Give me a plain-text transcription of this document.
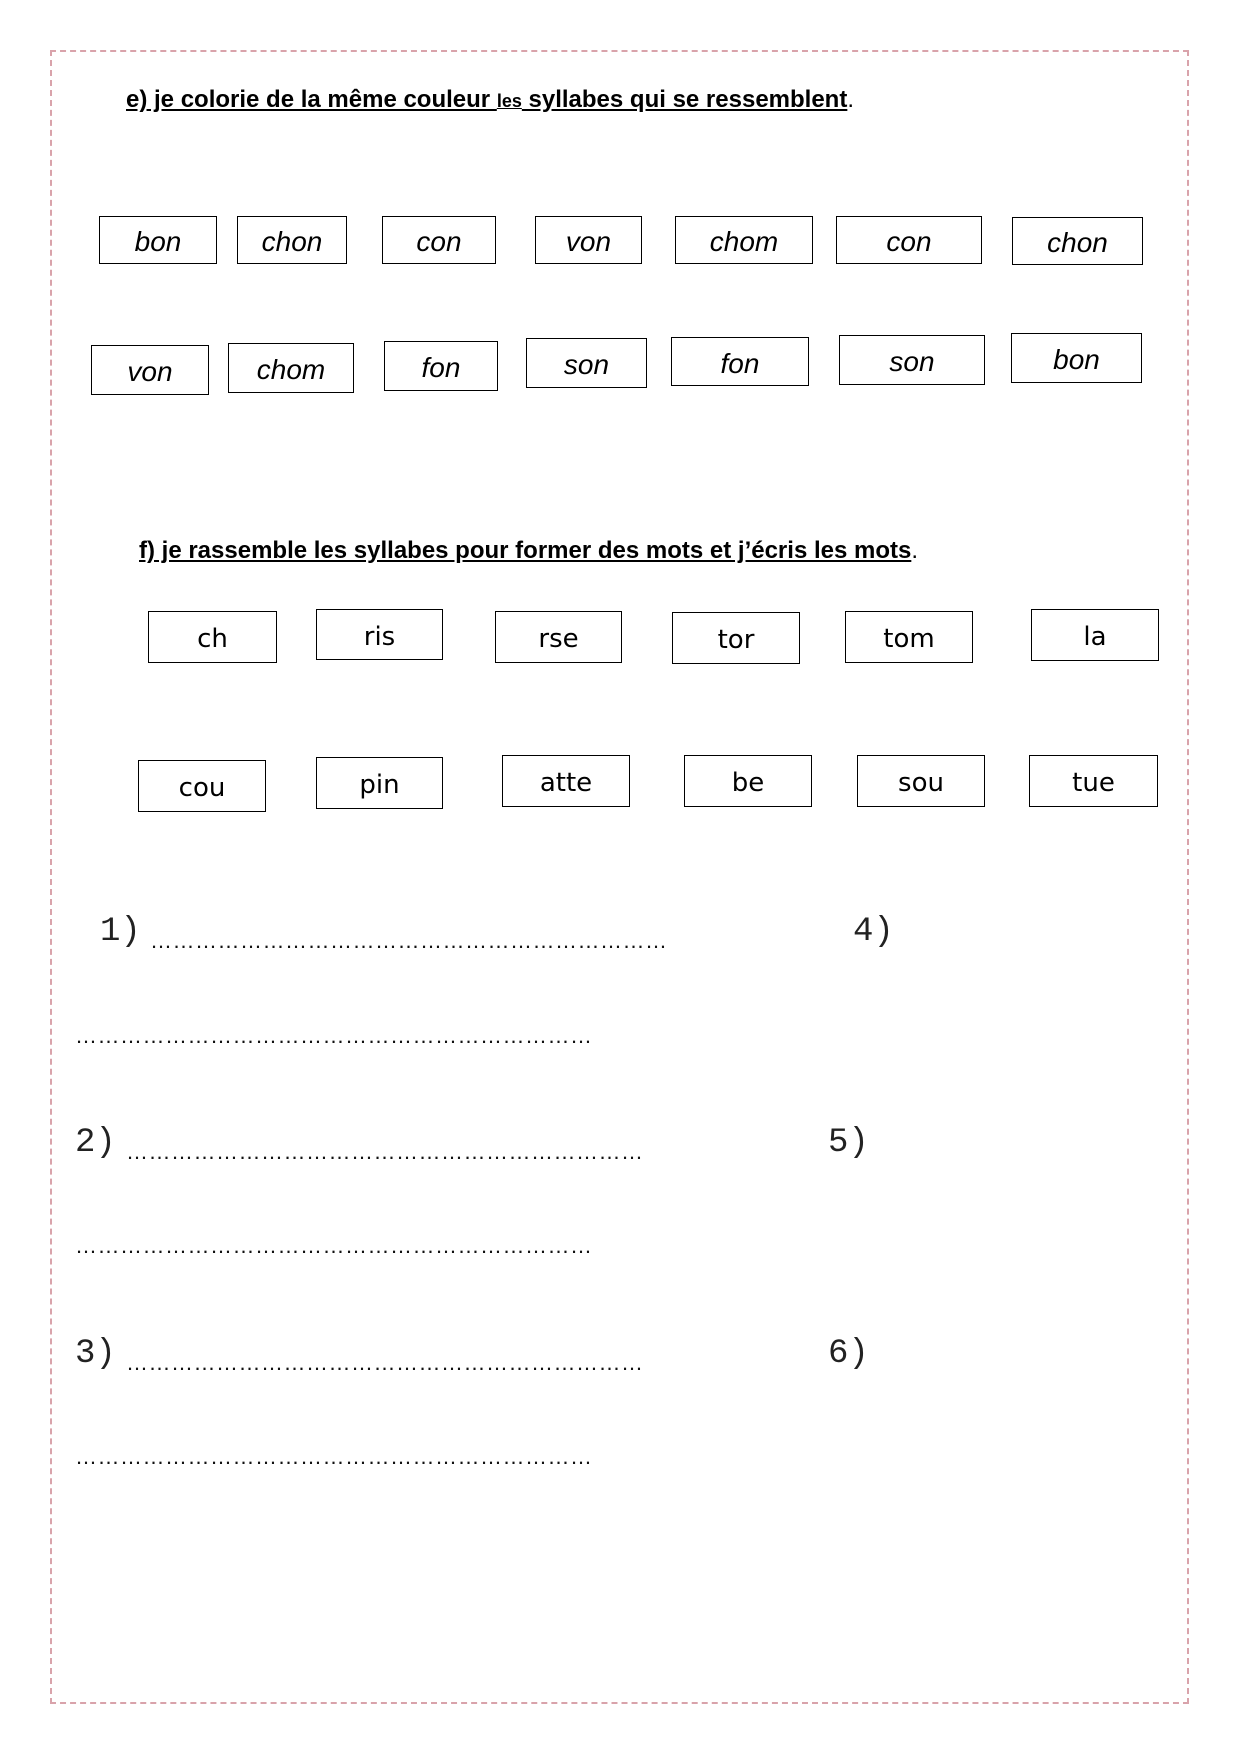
e) je colorie de la même couleur les syllabes qui se ressemblent.
bon	chon	con	von	chom	con	chon
von	chom	fon	son	fon	son	bon
f) je rassemble les syllabes pour former des mots et j’écris les mots.
ch	ris	rse	tor	tom	la
cou	pin	atte	be	sou	tue
1) ……………………………………………………………
……………………………………………………………
4)
2) ……………………………………………………………
……………………………………………………………
5)
3) ……………………………………………………………
……………………………………………………………
6)
